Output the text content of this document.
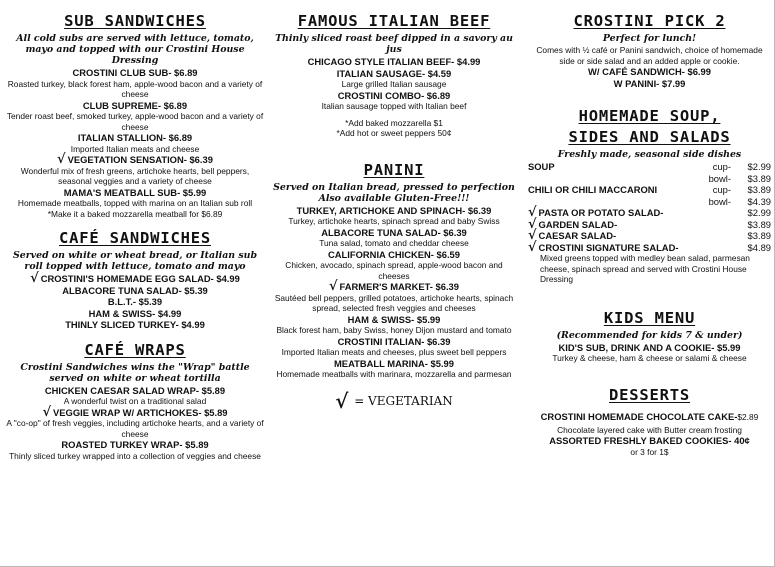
SUB SANDWICHES
All cold subs are served with lettuce, tomato, mayo and topped with our Crostini House Dressing
CROSTINI CLUB SUB- $6.89
Roasted turkey, black forest ham, apple-wood bacon and a variety of cheese
CLUB SUPREME- $6.89
Tender roast beef, smoked turkey, apple-wood bacon and a variety of cheese
ITALIAN STALLION- $6.89
Imported Italian meats and cheese
√ VEGETATION SENSATION- $6.39
Wonderful mix of fresh greens, artichoke hearts, bell peppers, seasonal veggies and a variety of cheese
MAMA'S MEATBALL SUB- $5.99
Homemade meatballs, topped with marina on an Italian sub roll
*Make it a baked mozzarella meatball for $6.89
CAFÉ SANDWICHES
Served on white or wheat bread, or Italian sub roll topped with lettuce, tomato and mayo
√ CROSTINI'S HOMEMADE EGG SALAD- $4.99
ALBACORE TUNA SALAD- $5.39
B.L.T.- $5.39
HAM & SWISS- $4.99
THINLY SLICED TURKEY- $4.99
CAFÉ WRAPS
Crostini Sandwiches wins the "Wrap" battle served on white or wheat tortilla
CHICKEN CAESAR SALAD WRAP- $5.89
A wonderful twist on a traditional salad
√ VEGGIE WRAP W/ ARTICHOKES- $5.89
A "co-op" of fresh veggies, including artichoke hearts, and a variety of cheese
ROASTED TURKEY WRAP- $5.89
Thinly sliced turkey wrapped into a collection of veggies and cheese
FAMOUS ITALIAN BEEF
Thinly sliced roast beef dipped in a savory au jus
CHICAGO STYLE ITALIAN BEEF- $4.99
ITALIAN SAUSAGE- $4.59
Large grilled Italian sausage
CROSTINI COMBO- $6.89
Italian sausage topped with Italian beef
*Add baked mozzarella $1
*Add hot or sweet peppers 50¢
PANINI
Served on Italian bread, pressed to perfection Also available Gluten-Free!!!
TURKEY, ARTICHOKE AND SPINACH- $6.39
Turkey, artichoke hearts, spinach spread and baby Swiss
ALBACORE TUNA SALAD- $6.39
Tuna salad, tomato and cheddar cheese
CALIFORNIA CHICKEN- $6.59
Chicken, avocado, spinach spread, apple-wood bacon and cheeses
√ FARMER'S MARKET- $6.39
Sautéed bell peppers, grilled potatoes, artichoke hearts, spinach spread, selected fresh veggies and cheeses
HAM & SWISS- $5.99
Black forest ham, baby Swiss, honey Dijon mustard and tomato
CROSTINI ITALIAN- $6.39
Imported Italian meats and cheeses, plus sweet bell peppers
MEATBALL MARINA- $5.99
Homemade meatballs with marinara, mozzarella and parmesan
√ = VEGETARIAN
CROSTINI PICK 2
Perfect for lunch!
Comes with ½ café or Panini sandwich, choice of homemade side or side salad and an added apple or cookie.
W/ CAFÉ SANDWICH- $6.99
W PANINI- $7.99
HOMEMADE SOUP,
SIDES AND SALADS
Freshly made, seasonal side dishes
SOUP	cup-	$2.99
	bowl-	$3.89
CHILI OR CHILI MACCARONI	cup-	$3.89
	bowl-	$4.39
√ PASTA OR POTATO SALAD-		$2.99
√ GARDEN SALAD-		$3.89
√ CAESAR SALAD-		$3.89
√ CROSTINI SIGNATURE SALAD-		$4.89
Mixed greens topped with medley bean salad, parmesan cheese, spinach spread and served with Crostini House Dressing
KIDS MENU
(Recommended for kids 7 & under)
KID'S SUB, DRINK AND A COOKIE- $5.99
Turkey & cheese, ham & cheese or salami & cheese
DESSERTS
CROSTINI HOMEMADE CHOCOLATE CAKE-$2.89
Chocolate layered cake with Butter cream frosting
ASSORTED FRESHLY BAKED COOKIES- 40¢
or 3 for 1$
